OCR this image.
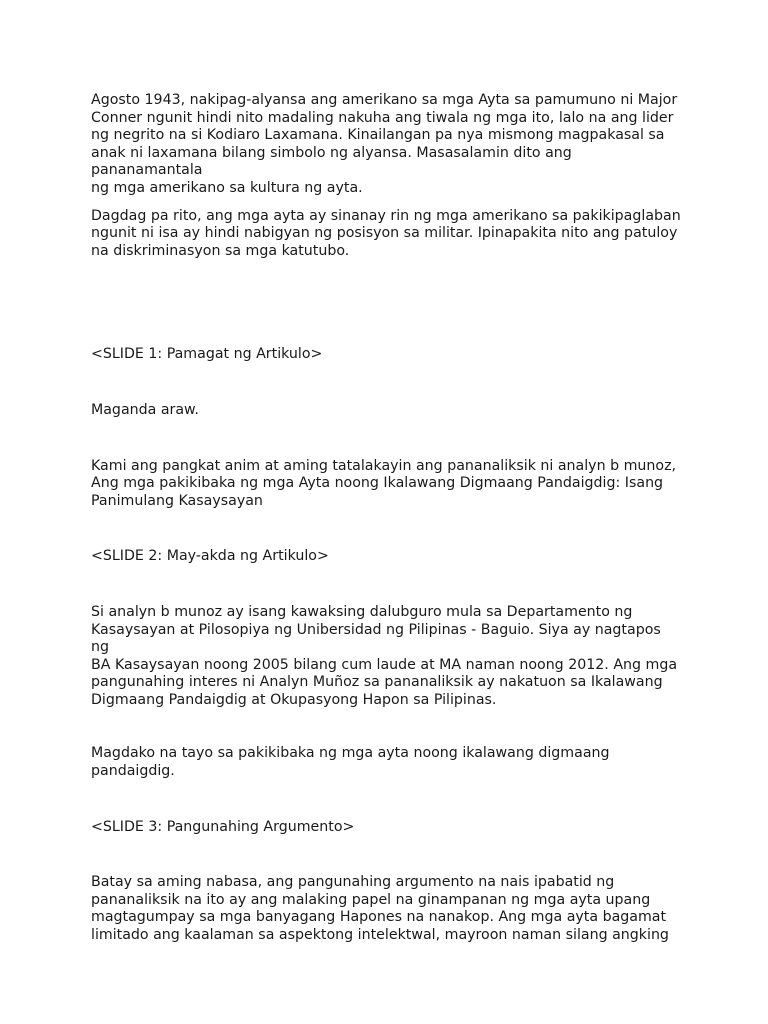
Agosto 1943, nakipag-alyansa ang amerikano sa mga Ayta sa pamumuno ni Major
Conner ngunit hindi nito madaling nakuha ang tiwala ng mga ito, lalo na ang lider
ng negrito na si Kodiaro Laxamana. Kinailangan pa nya mismong magpakasal sa
anak ni laxamana bilang simbolo ng alyansa. Masasalamin dito ang pananamantala
ng mga amerikano sa kultura ng ayta.

Dagdag pa rito, ang mga ayta ay sinanay rin ng mga amerikano sa pakikipaglaban
ngunit ni isa ay hindi nabigyan ng posisyon sa militar. Ipinapakita nito ang patuloy
na diskriminasyon sa mga katutubo.

<SLIDE 1: Pamagat ng Artikulo>

Maganda araw.

Kami ang pangkat anim at aming tatalakayin ang pananaliksik ni analyn b munoz,
Ang mga pakikibaka ng mga Ayta noong Ikalawang Digmaang Pandaigdig: Isang
Panimulang Kasaysayan

<SLIDE 2: May-akda ng Artikulo>

Si analyn b munoz ay isang kawaksing dalubguro mula sa Departamento ng
Kasaysayan at Pilosopiya ng Unibersidad ng Pilipinas - Baguio. Siya ay nagtapos ng
BA Kasaysayan noong 2005 bilang cum laude at MA naman noong 2012. Ang mga
pangunahing interes ni Analyn Muñoz sa pananaliksik ay nakatuon sa Ikalawang
Digmaang Pandaigdig at Okupasyong Hapon sa Pilipinas.

Magdako na tayo sa pakikibaka ng mga ayta noong ikalawang digmaang
pandaigdig.

<SLIDE 3: Pangunahing Argumento>

Batay sa aming nabasa, ang pangunahing argumento na nais ipabatid ng
pananaliksik na ito ay ang malaking papel na ginampanan ng mga ayta upang
magtagumpay sa mga banyagang Hapones na nanakop. Ang mga ayta bagamat
limitado ang kaalaman sa aspektong intelektwal, mayroon naman silang angking
